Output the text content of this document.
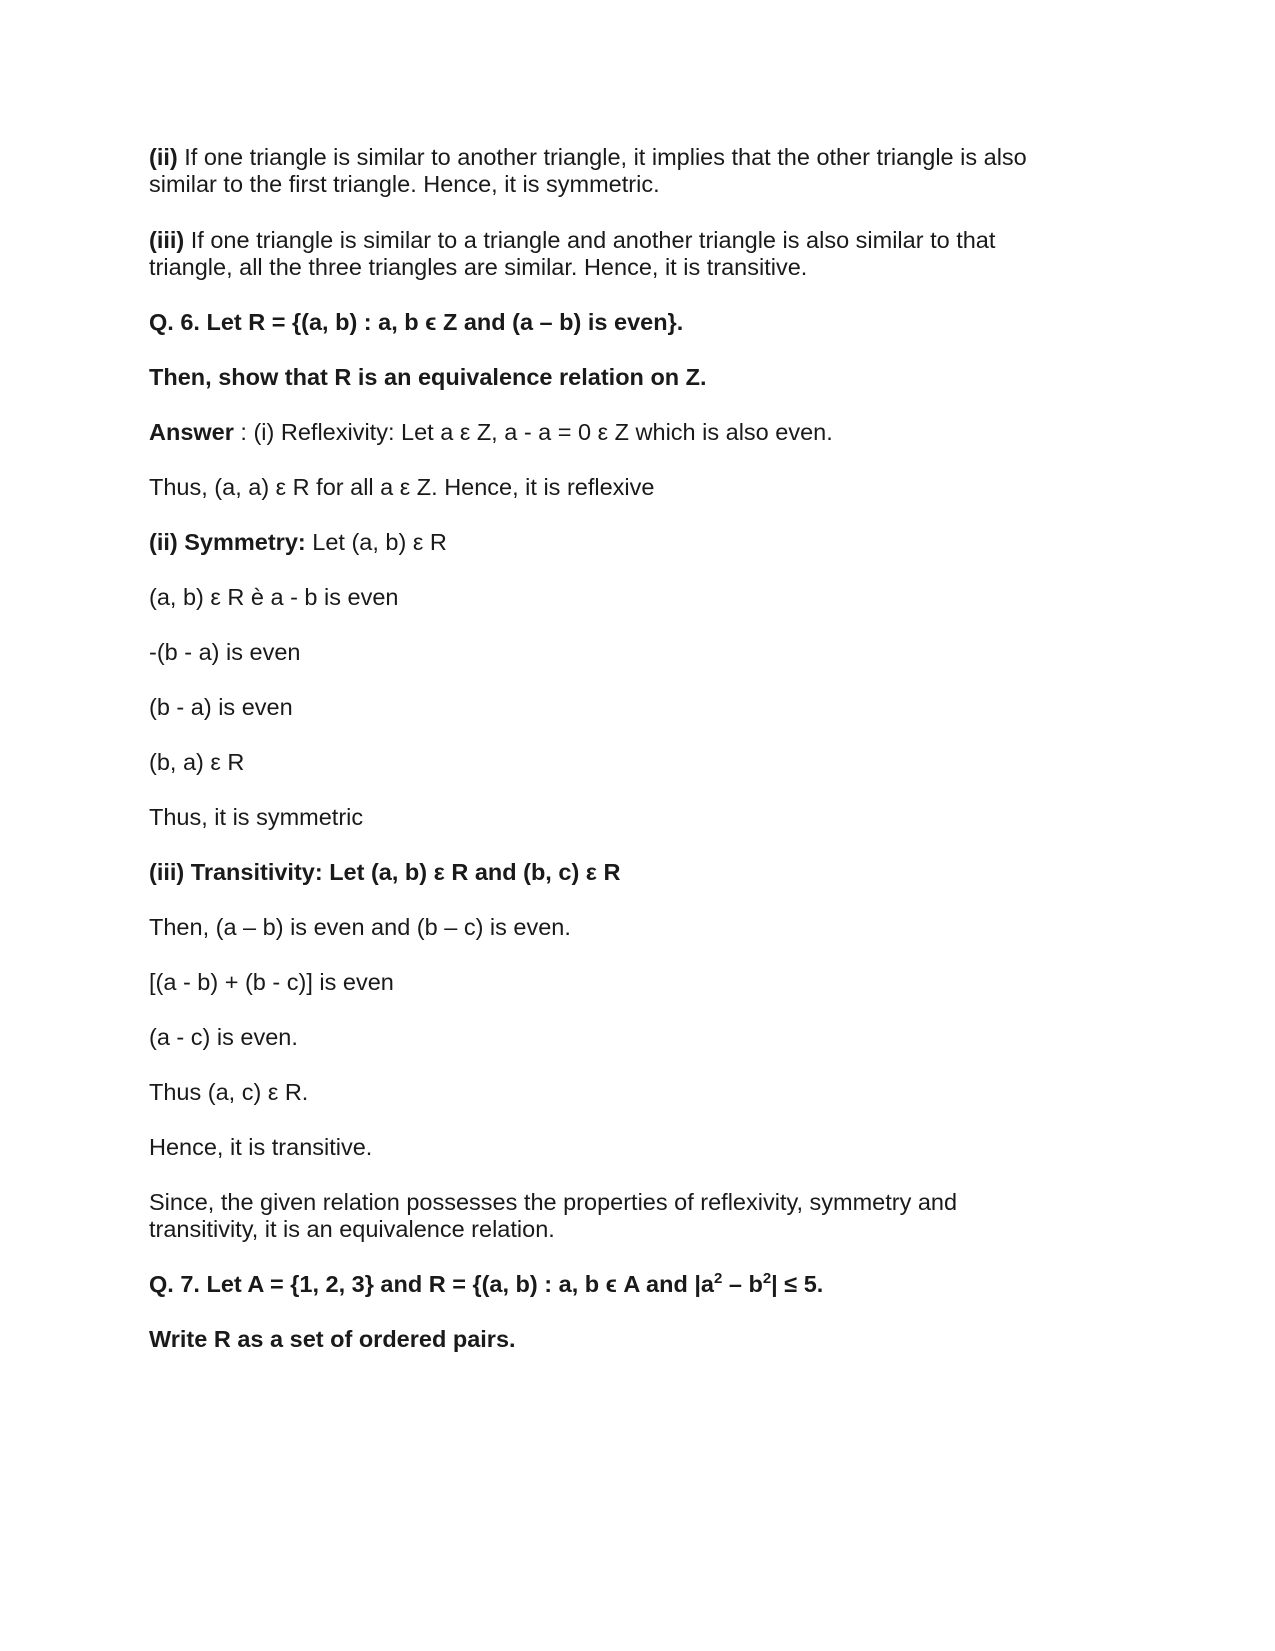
(ii) If one triangle is similar to another triangle, it implies that the other triangle is also
similar to the first triangle. Hence, it is symmetric.
(iii) If one triangle is similar to a triangle and another triangle is also similar to that
triangle, all the three triangles are similar. Hence, it is transitive.
Q. 6. Let R = {(a, b) : a, b ϵ Z and (a – b) is even}.
Then, show that R is an equivalence relation on Z.
Answer : (i) Reflexivity: Let a ε Z, a - a = 0 ε Z which is also even.
Thus, (a, a) ε R for all a ε Z. Hence, it is reflexive
(ii) Symmetry: Let (a, b) ε R
(a, b) ε R è a - b is even
-(b - a) is even
(b - a) is even
(b, a) ε R
Thus, it is symmetric
(iii) Transitivity: Let (a, b) ε R and (b, c) ε R
Then, (a – b) is even and (b – c) is even.
[(a - b) + (b - c)] is even
(a - c) is even.
Thus (a, c) ε R.
Hence, it is transitive.
Since, the given relation possesses the properties of reflexivity, symmetry and
transitivity, it is an equivalence relation.
Q. 7. Let A = {1, 2, 3} and R = {(a, b) : a, b ϵ A and $|a^2 - b^2| \le 5$.
Write R as a set of ordered pairs.
